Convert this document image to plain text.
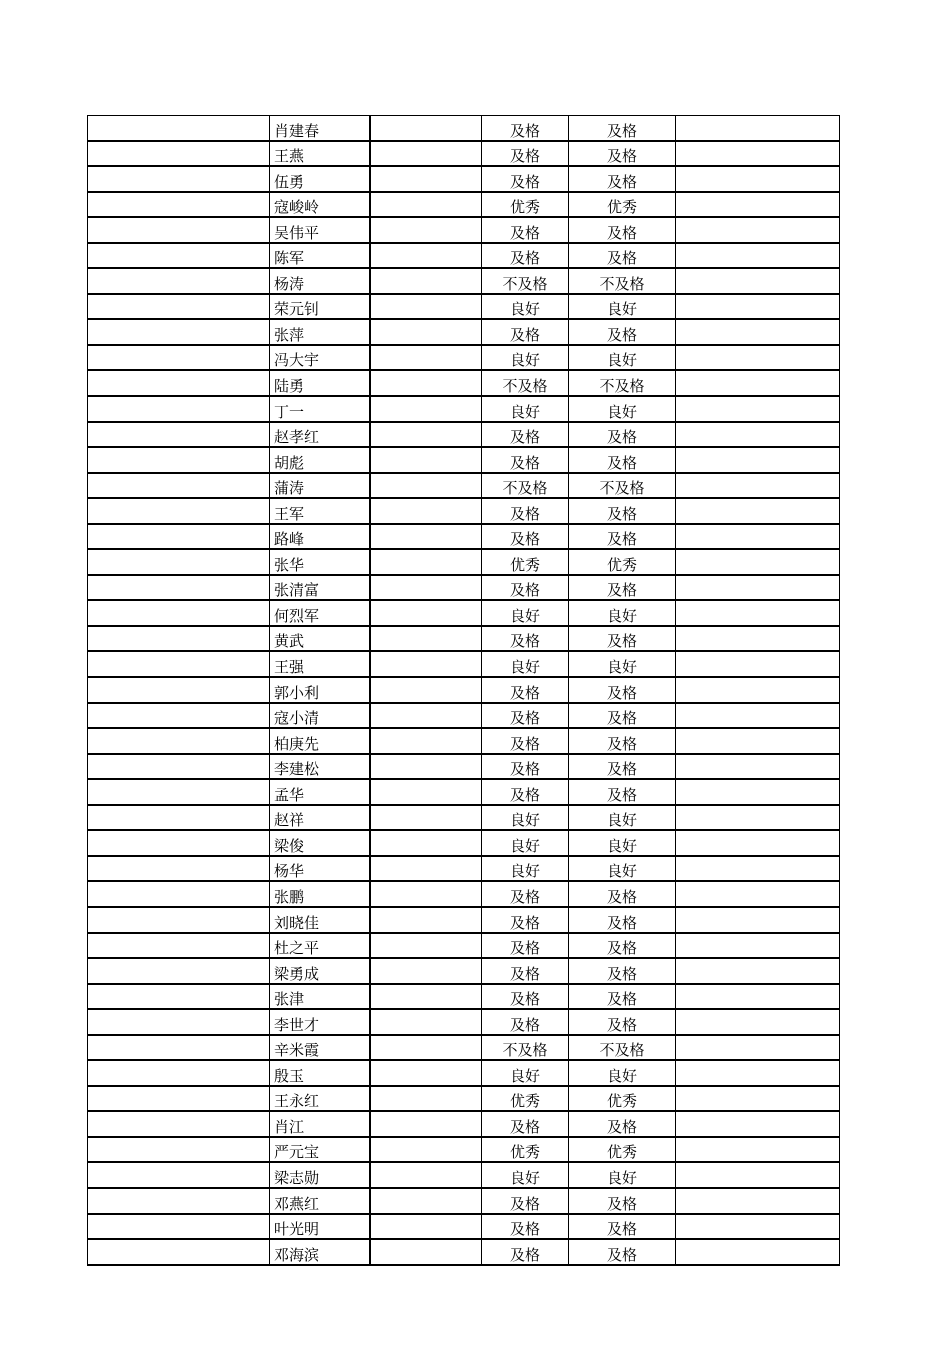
	肖建春		及格	及格	
	王燕		及格	及格	
	伍勇		及格	及格	
	寇峻岭		优秀	优秀	
	吴伟平		及格	及格	
	陈军		及格	及格	
	杨涛		不及格	不及格	
	荣元钊		良好	良好	
	张萍		及格	及格	
	冯大宇		良好	良好	
	陆勇		不及格	不及格	
	丁一		良好	良好	
	赵孝红		及格	及格	
	胡彪		及格	及格	
	蒲涛		不及格	不及格	
	王军		及格	及格	
	路峰		及格	及格	
	张华		优秀	优秀	
	张清富		及格	及格	
	何烈军		良好	良好	
	黄武		及格	及格	
	王强		良好	良好	
	郭小利		及格	及格	
	寇小清		及格	及格	
	柏庚先		及格	及格	
	李建松		及格	及格	
	孟华		及格	及格	
	赵祥		良好	良好	
	梁俊		良好	良好	
	杨华		良好	良好	
	张鹏		及格	及格	
	刘晓佳		及格	及格	
	杜之平		及格	及格	
	梁勇成		及格	及格	
	张津		及格	及格	
	李世才		及格	及格	
	辛米霞		不及格	不及格	
	殷玉		良好	良好	
	王永红		优秀	优秀	
	肖江		及格	及格	
	严元宝		优秀	优秀	
	梁志勋		良好	良好	
	邓燕红		及格	及格	
	叶光明		及格	及格	
	邓海滨		及格	及格	
